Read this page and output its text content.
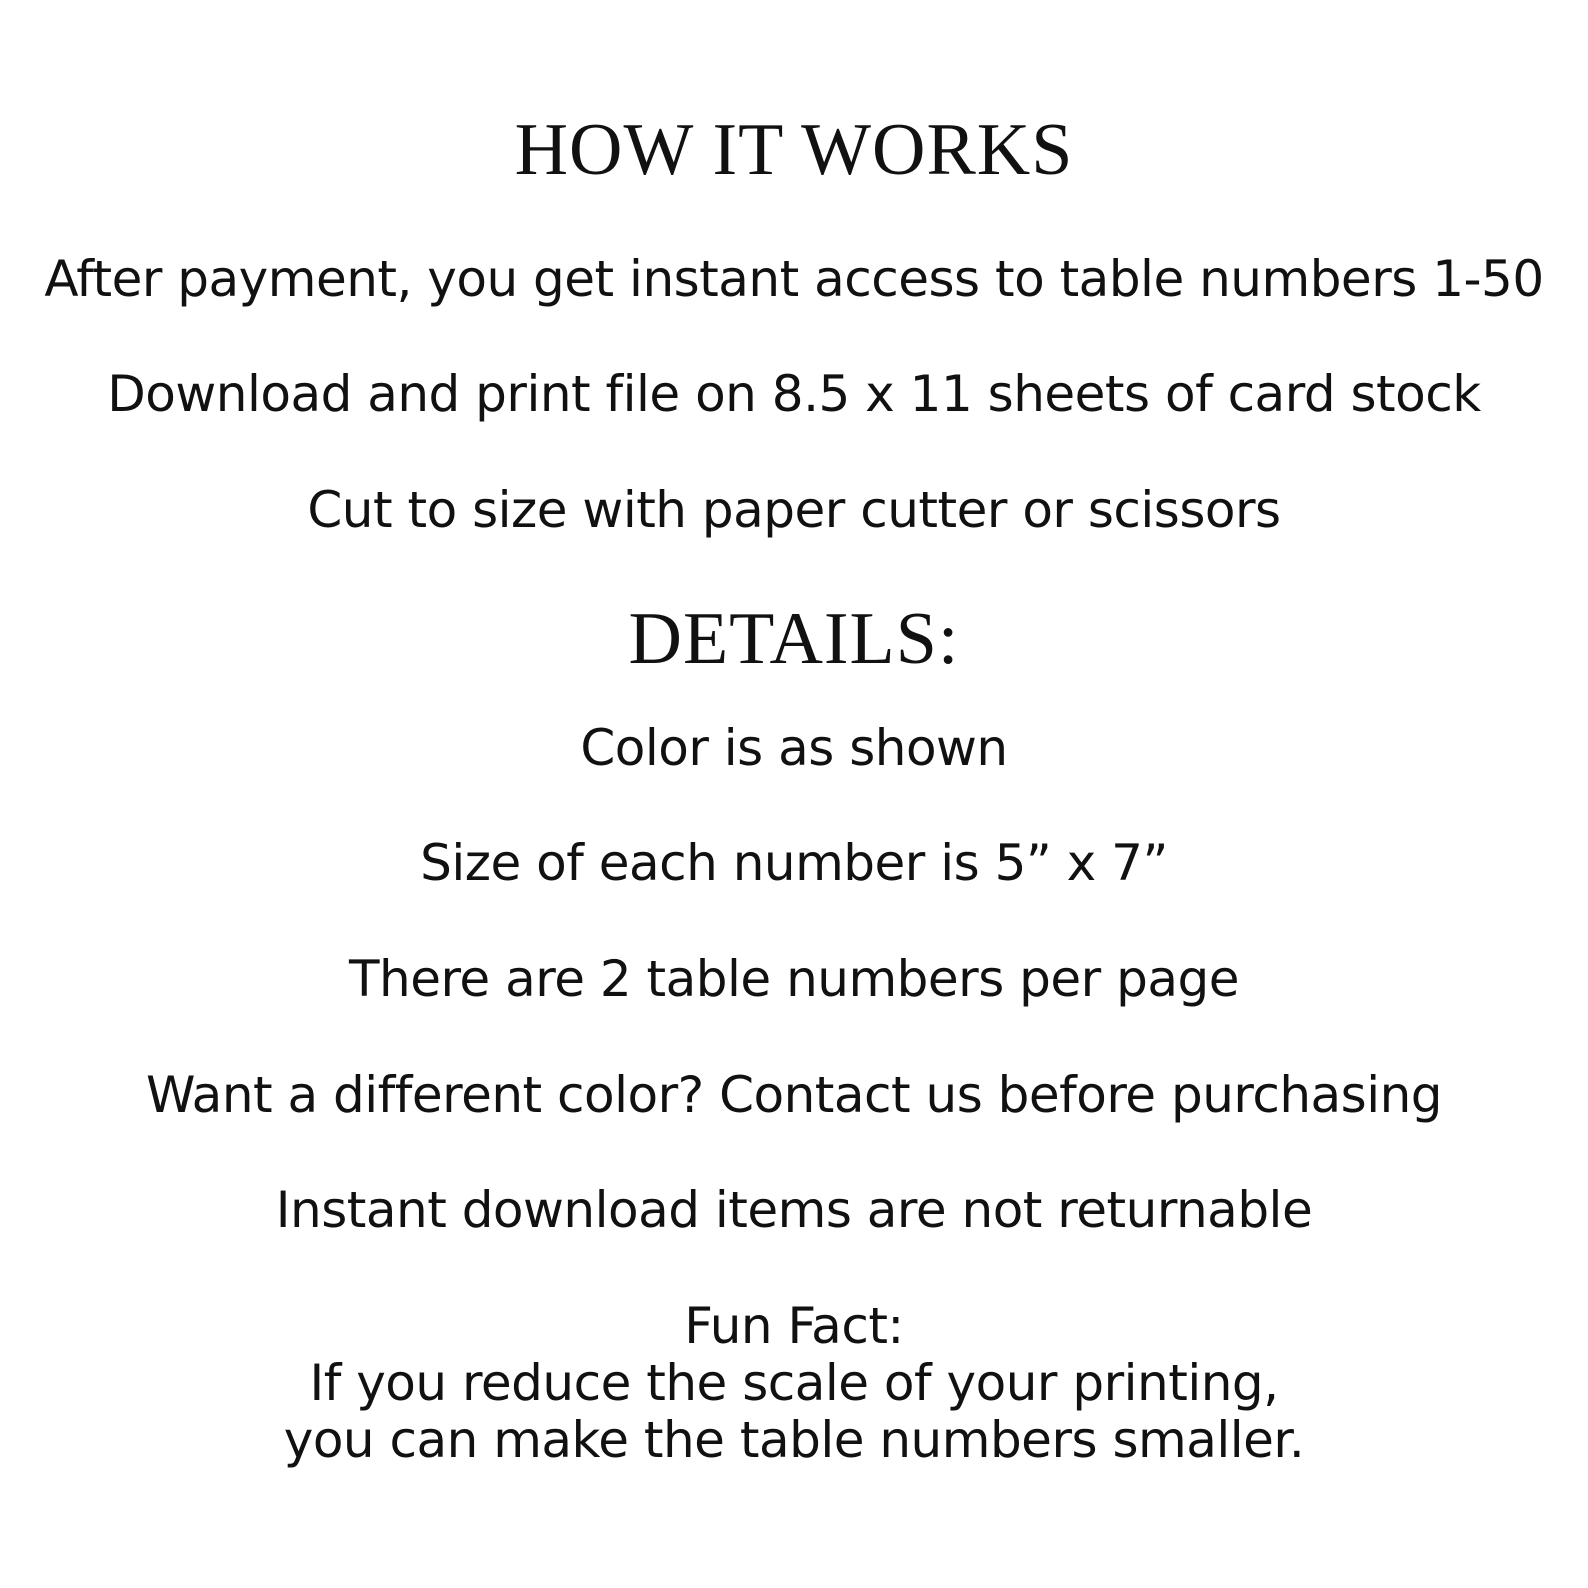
HOW IT WORKS

After payment, you get instant access to table numbers 1-50

Download and print file on 8.5 x 11 sheets of card stock

Cut to size with paper cutter or scissors

DETAILS:

Color is as shown

Size of each number is 5” x 7”

There are 2 table numbers per page

Want a different color? Contact us before purchasing

Instant download items are not returnable

Fun Fact:

If you reduce the scale of your printing,

you can make the table numbers smaller.
